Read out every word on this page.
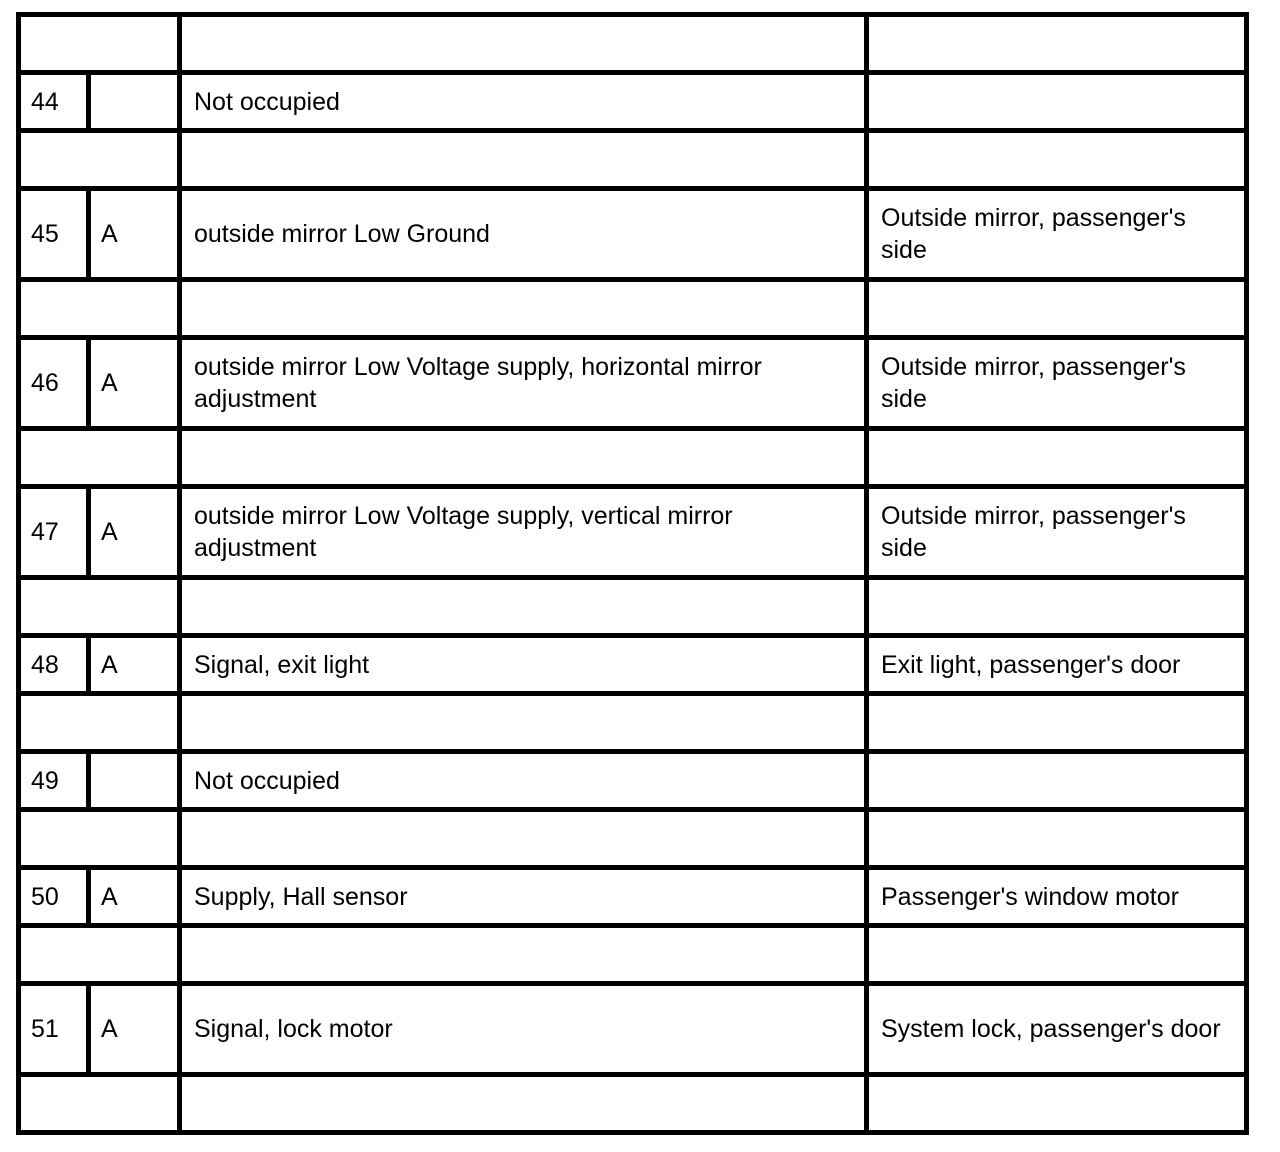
44		Not occupied	

45	A	outside mirror Low Ground	Outside mirror, passenger's side

46	A	outside mirror Low Voltage supply, horizontal mirror adjustment	Outside mirror, passenger's side

47	A	outside mirror Low Voltage supply, vertical mirror adjustment	Outside mirror, passenger's side

48	A	Signal, exit light	Exit light, passenger's door

49		Not occupied	

50	A	Supply, Hall sensor	Passenger's window motor

51	A	Signal, lock motor	System lock, passenger's door
